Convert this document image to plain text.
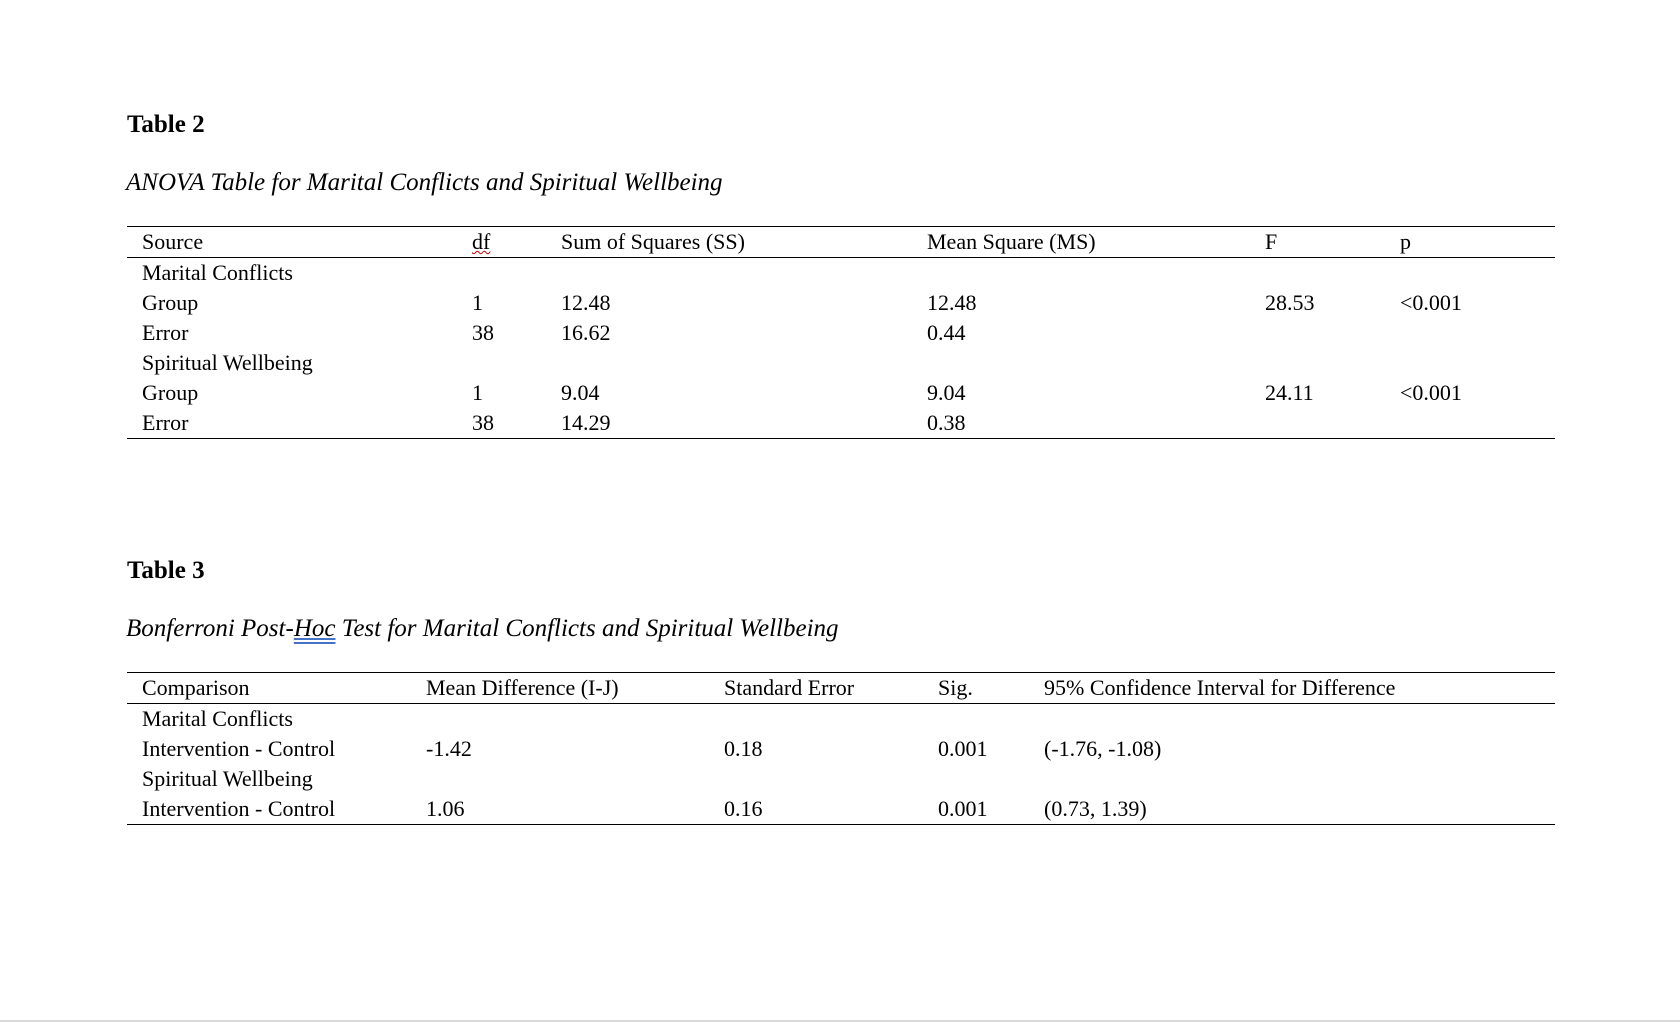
Table 2

ANOVA Table for Marital Conflicts and Spiritual Wellbeing

Source	df	Sum of Squares (SS)	Mean Square (MS)	F	p
Marital Conflicts					
Group	1	12.48	12.48	28.53	<0.001
Error	38	16.62	0.44		
Spiritual Wellbeing					
Group	1	9.04	9.04	24.11	<0.001
Error	38	14.29	0.38		

Table 3

Bonferroni Post-Hoc Test for Marital Conflicts and Spiritual Wellbeing

Comparison	Mean Difference (I-J)	Standard Error	Sig.	95% Confidence Interval for Difference
Marital Conflicts				
Intervention - Control	-1.42	0.18	0.001	(-1.76, -1.08)
Spiritual Wellbeing				
Intervention - Control	1.06	0.16	0.001	(0.73, 1.39)
